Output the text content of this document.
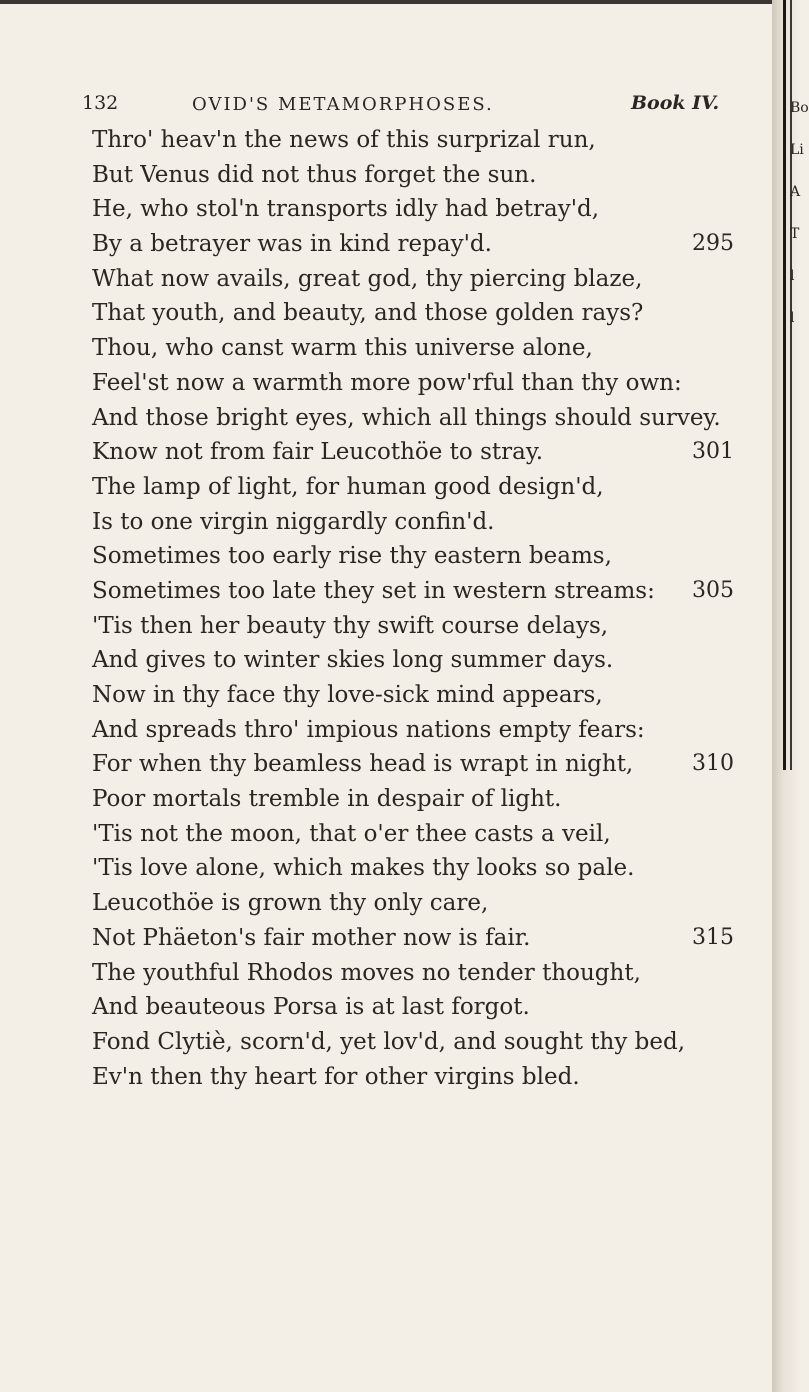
Bo
Li
A
T
l
l
132	OVID'S METAMORPHOSES.	Book IV.
Thro' heav'n the news of this surprizal run,
But Venus did not thus forget the sun.
He, who stol'n transports idly had betray'd,
By a betrayer was in kind repay'd.	295
What now avails, great god, thy piercing blaze,
That youth, and beauty, and those golden rays?
Thou, who canst warm this universe alone,
Feel'st now a warmth more pow'rful than thy own:
And those bright eyes, which all things should survey.
Know not from fair Leucothöe to stray.	301
The lamp of light, for human good design'd,
Is to one virgin niggardly confin'd.
Sometimes too early rise thy eastern beams,
Sometimes too late they set in western streams: 305
'Tis then her beauty thy swift course delays,
And gives to winter skies long summer days.
Now in thy face thy love-sick mind appears,
And spreads thro' impious nations empty fears:
For when thy beamless head is wrapt in night,	310
Poor mortals tremble in despair of light.
'Tis not the moon, that o'er thee casts a veil,
'Tis love alone, which makes thy looks so pale.
Leucothöe is grown thy only care,
Not Phäeton's fair mother now is fair.	315
The youthful Rhodos moves no tender thought,
And beauteous Porsa is at last forgot.
Fond Clytiè, scorn'd, yet lov'd, and sought thy bed,
Ev'n then thy heart for other virgins bled.
